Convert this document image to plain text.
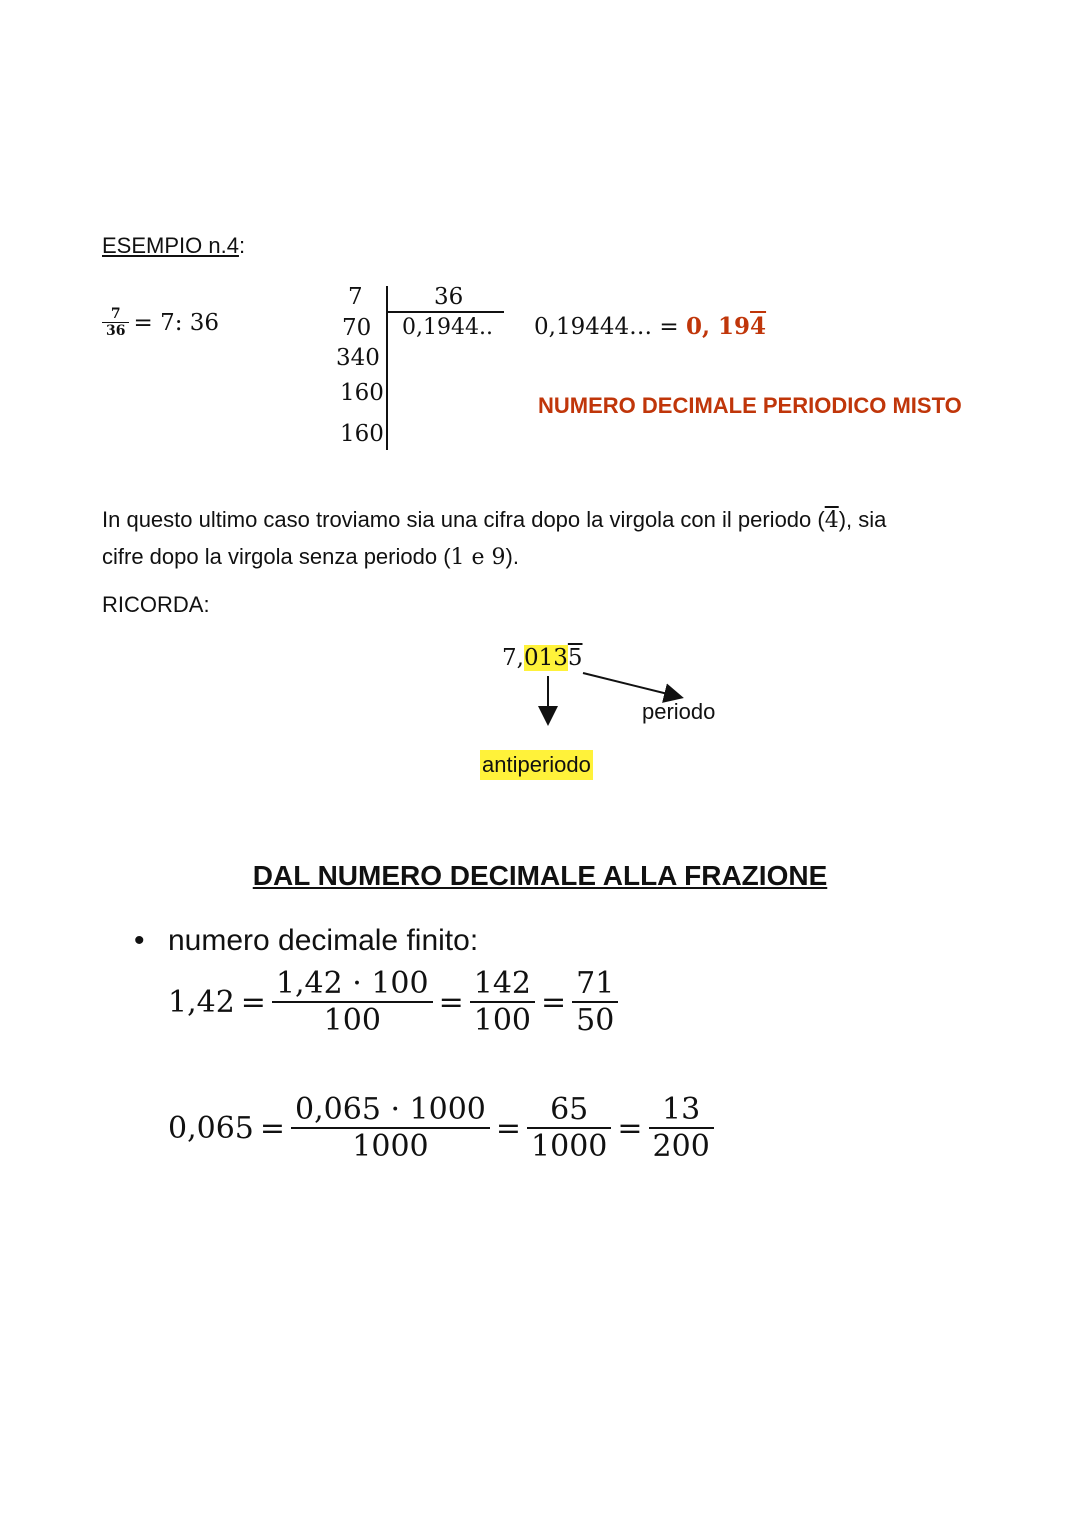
ESEMPIO n.4:
$\frac{7}{36} = 7$: 36
7
70
340
160
160
36
0,1944.. 0,19444… = 0, 194
NUMERO DECIMALE PERIODICO MISTO
In questo ultimo caso troviamo sia una cifra dopo la virgola con il periodo (4), sia
cifre dopo la virgola senza periodo (1 e 9).
RICORDA:
7,0135
periodo
antiperiodo
DAL NUMERO DECIMALE ALLA FRAZIONE
• numero decimale finito:
$1,42 = \frac{1,42 \cdot 100}{100} = \frac{142}{100} = \frac{71}{50}$
$0,065 = \frac{0,065 \cdot 1000}{1000} = \frac{65}{1000} = \frac{13}{200}$
